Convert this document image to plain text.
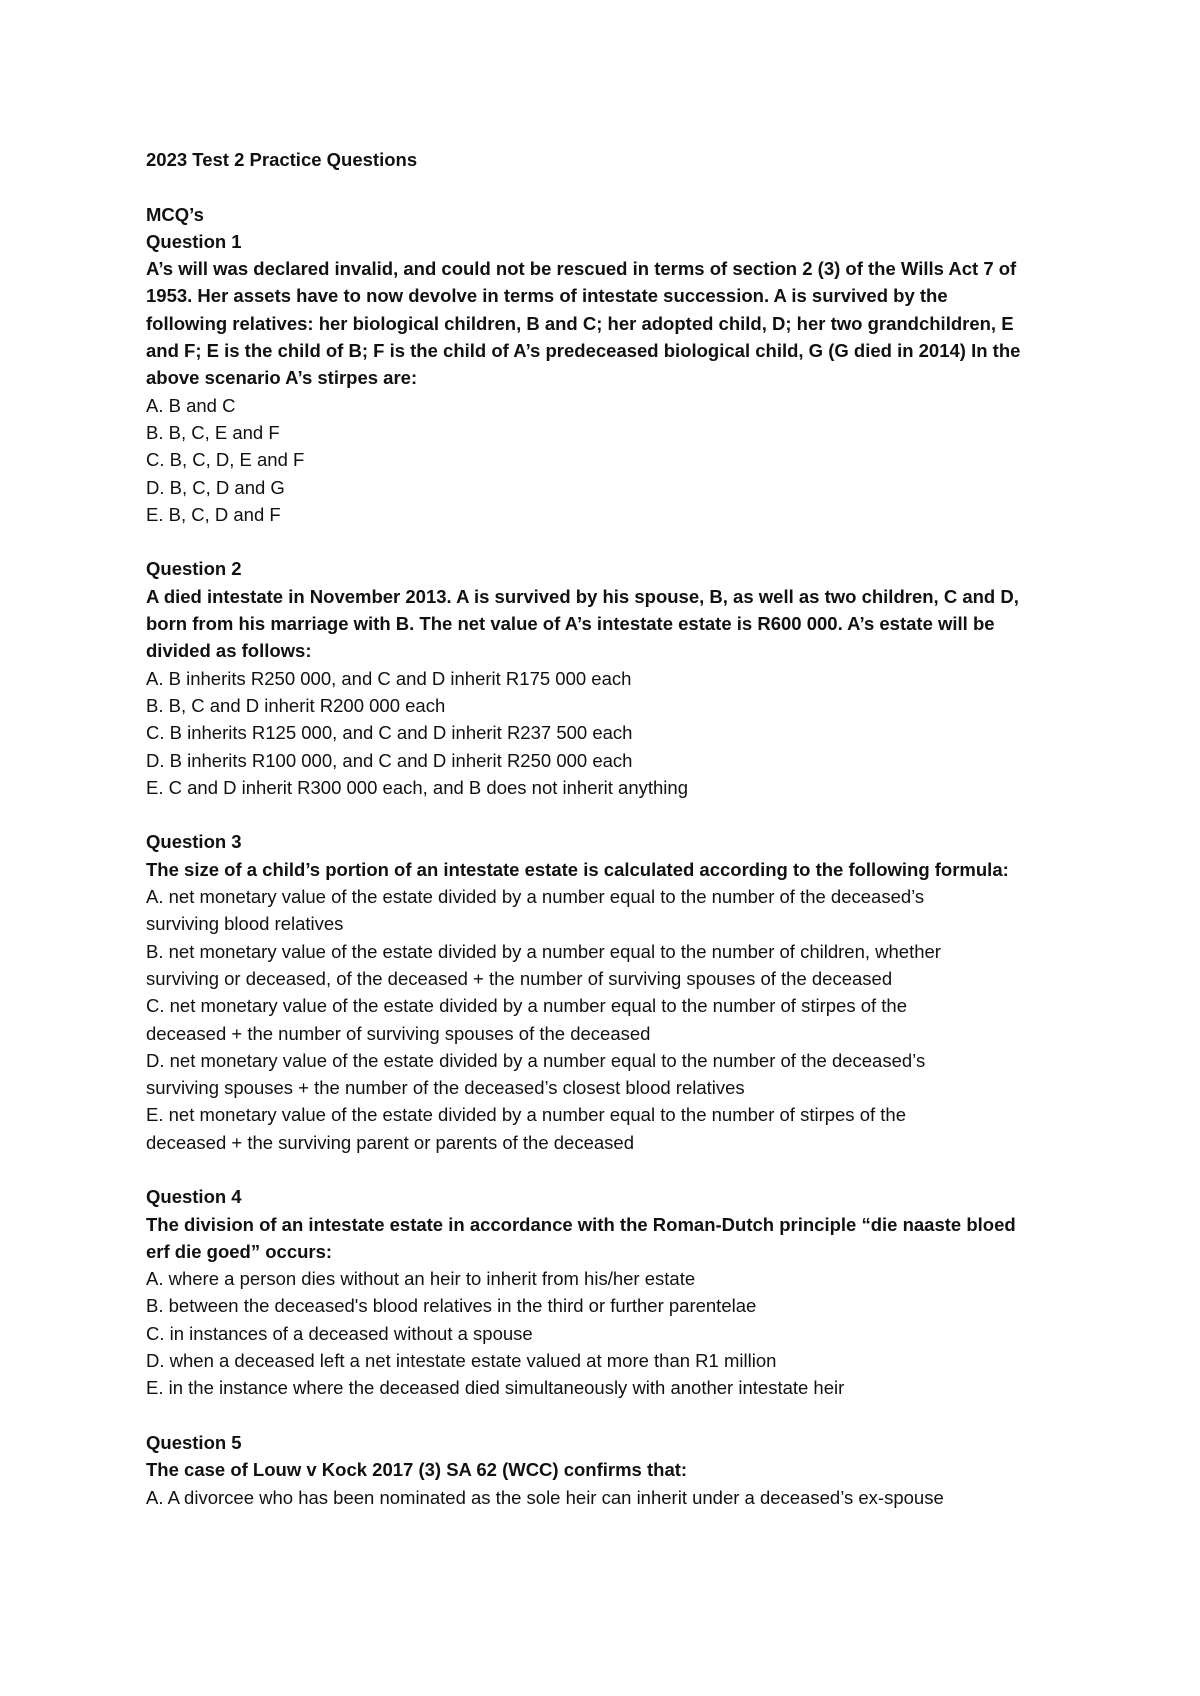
2023 Test 2 Practice Questions
MCQ’s
Question 1
A’s will was declared invalid, and could not be rescued in terms of section 2 (3) of the Wills Act 7 of
1953. Her assets have to now devolve in terms of intestate succession. A is survived by the
following relatives: her biological children, B and C; her adopted child, D; her two grandchildren, E
and F; E is the child of B; F is the child of A’s predeceased biological child, G (G died in 2014) In the
above scenario A’s stirpes are:
A. B and C
B. B, C, E and F
C. B, C, D, E and F
D. B, C, D and G
E. B, C, D and F
Question 2
A died intestate in November 2013. A is survived by his spouse, B, as well as two children, C and D,
born from his marriage with B. The net value of A’s intestate estate is R600 000. A’s estate will be
divided as follows:
A. B inherits R250 000, and C and D inherit R175 000 each
B. B, C and D inherit R200 000 each
C. B inherits R125 000, and C and D inherit R237 500 each
D. B inherits R100 000, and C and D inherit R250 000 each
E. C and D inherit R300 000 each, and B does not inherit anything
Question 3
The size of a child’s portion of an intestate estate is calculated according to the following formula:
A. net monetary value of the estate divided by a number equal to the number of the deceased’s
surviving blood relatives
B. net monetary value of the estate divided by a number equal to the number of children, whether
surviving or deceased, of the deceased + the number of surviving spouses of the deceased
C. net monetary value of the estate divided by a number equal to the number of stirpes of the
deceased + the number of surviving spouses of the deceased
D. net monetary value of the estate divided by a number equal to the number of the deceased’s
surviving spouses + the number of the deceased’s closest blood relatives
E. net monetary value of the estate divided by a number equal to the number of stirpes of the
deceased + the surviving parent or parents of the deceased
Question 4
The division of an intestate estate in accordance with the Roman-Dutch principle “die naaste bloed
erf die goed” occurs:
A. where a person dies without an heir to inherit from his/her estate
B. between the deceased's blood relatives in the third or further parentelae
C. in instances of a deceased without a spouse
D. when a deceased left a net intestate estate valued at more than R1 million
E. in the instance where the deceased died simultaneously with another intestate heir
Question 5
The case of Louw v Kock 2017 (3) SA 62 (WCC) confirms that:
A. A divorcee who has been nominated as the sole heir can inherit under a deceased’s ex-spouse
